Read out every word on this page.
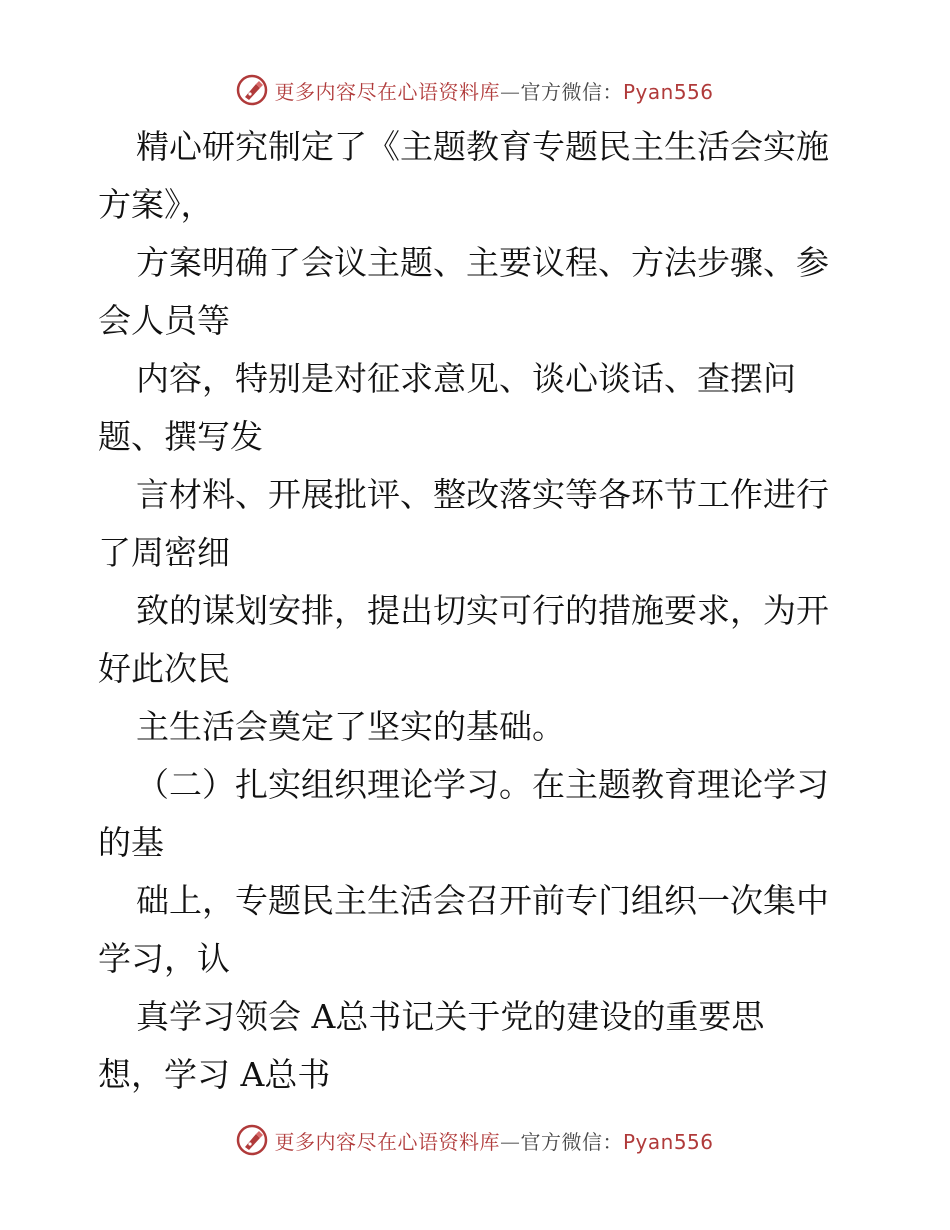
更多内容尽在心语资料库—官方微信：Pyan556
精心研究制定了《主题教育专题民主生活会实施
方案》，
方案明确了会议主题、主要议程、方法步骤、参
会人员等
内容，特别是对征求意见、谈心谈话、查摆问
题、撰写发
言材料、开展批评、整改落实等各环节工作进行
了周密细
致的谋划安排，提出切实可行的措施要求，为开
好此次民
主生活会奠定了坚实的基础。
（二）扎实组织理论学习。在主题教育理论学习
的基
础上，专题民主生活会召开前专门组织一次集中
学习，认
真学习领会 A总书记关于党的建设的重要思
想，学习 A总书
更多内容尽在心语资料库—官方微信：Pyan556
